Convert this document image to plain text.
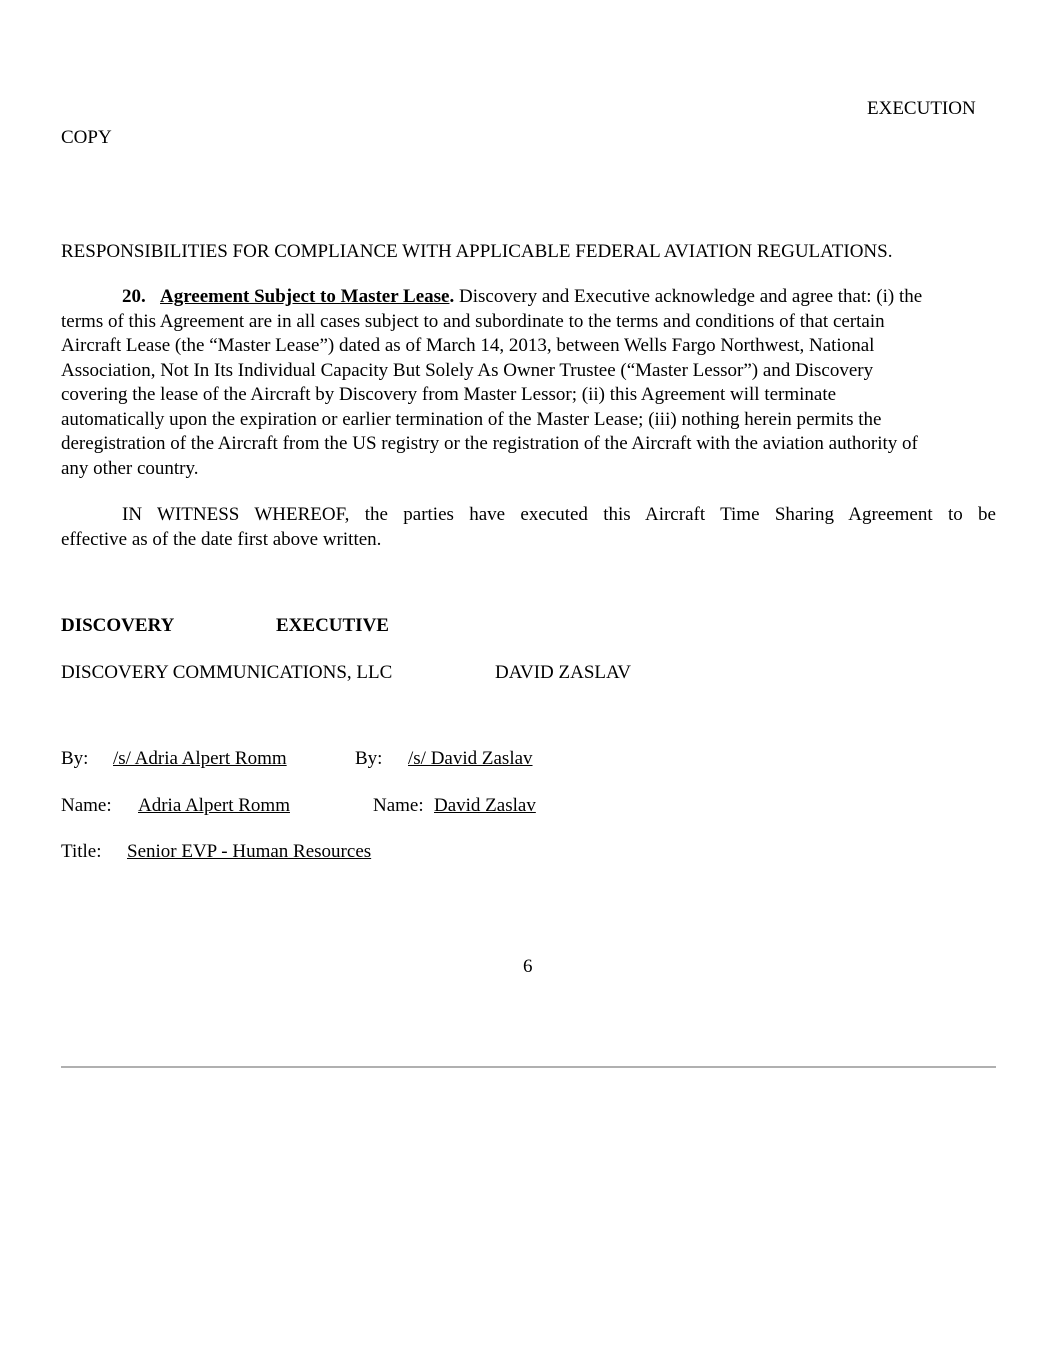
EXECUTION
COPY
RESPONSIBILITIES FOR COMPLIANCE WITH APPLICABLE FEDERAL AVIATION REGULATIONS.
20. Agreement Subject to Master Lease. Discovery and Executive acknowledge and agree that: (i) the
terms of this Agreement are in all cases subject to and subordinate to the terms and conditions of that certain
Aircraft Lease (the “Master Lease”) dated as of March 14, 2013, between Wells Fargo Northwest, National
Association, Not In Its Individual Capacity But Solely As Owner Trustee (“Master Lessor”) and Discovery
covering the lease of the Aircraft by Discovery from Master Lessor; (ii) this Agreement will terminate
automatically upon the expiration or earlier termination of the Master Lease; (iii) nothing herein permits the
deregistration of the Aircraft from the US registry or the registration of the Aircraft with the aviation authority of
any other country.
IN WITNESS WHEREOF, the parties have executed this Aircraft Time Sharing Agreement to be
effective as of the date first above written.
DISCOVERY	EXECUTIVE
DISCOVERY COMMUNICATIONS, LLC	DAVID ZASLAV
By: /s/ Adria Alpert Romm	By: /s/ David Zaslav
Name: Adria Alpert Romm	Name: David Zaslav
Title: Senior EVP - Human Resources
6
